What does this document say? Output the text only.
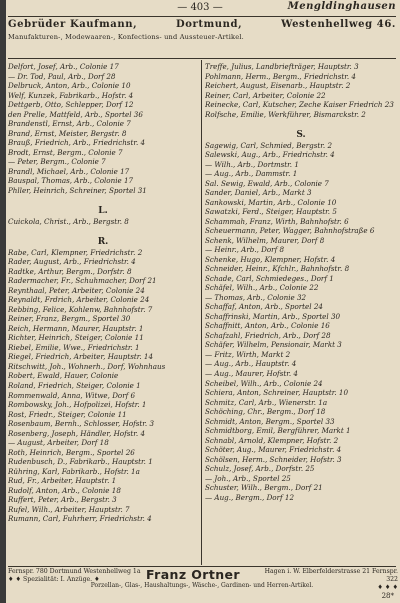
— 403 —	Mengldinghausen
Gebrüder Kaufmann,	Dortmund,	Westenhellweg 46.
Manufakturen-, Modewaaren-, Konfections- und Aussteuer-Artikel.
Delfort, Josef, Arb., Colonie 17
— Dr. Tod, Paul, Arb., Dorf 28
Delbruck, Anton, Arb., Colonie 10
Welf, Kunzek, Fabrikarb., Hofstr. 4
Dettgerb, Otto, Schlepper, Dorf 12
den Prelle, Mattfeld, Arb., Sportel 36
Brandenstl, Ernst, Arb., Colonie 7
Brand, Ernst, Meister, Bergstr. 8
Brauß, Friedrich, Arb., Friedrichstr. 4
Brodt, Ernst, Bergm., Colonie 7
— Peter, Bergm., Colonie 7
Brandl, Michael, Arb., Colonie 17
Bauspal, Thomas, Arb., Colonie 17
Phller, Heinrich, Schreiner, Sportel 31
L.
Cuickola, Christ., Arb., Bergstr. 8
R.
Rabe, Carl, Klempner, Friedrichstr. 2
Rader, August, Arb., Friedrichstr. 4
Radtke, Arthur, Bergm., Dorfstr. 8
Radermacher, Fr., Schuhmacher, Dorf 21
Reynthaal, Peter, Arbeiter, Colonie 24
Reynaldt, Frdrich, Arbeiter, Colonie 24
Rebbing, Felice, Kohlenw, Bahnhofstr. 7
Reiner, Franz, Bergm., Sportel 30
Reich, Hermann, Maurer, Hauptstr. 1
Richter, Heinrich, Steiger, Colonie 11
Riebel, Emilie, Wwe., Friedrichstr. 1
Riegel, Friedrich, Arbeiter, Hauptstr. 14
Ritschwitt, Joh., Wohnerh., Dorf, Wohnhaus
Robert, Ewald, Hauer, Colonie
Roland, Friedrich, Steiger, Colonie 1
Rommenwald, Anna, Witwe, Dorf 6
Rombowsky, Joh., Hofpolizei, Hofstr. 1
Rost, Friedr., Steiger, Colonie 11
Rosenbaum, Bernh., Schlosser, Hofstr. 3
Rosenberg, Joseph, Händler, Hofstr. 4
— August, Arbeiter, Dorf 18
Roth, Heinrich, Bergm., Sportel 26
Rudenbusch, D., Fabrikarb., Hauptstr. 1
Rühring, Karl, Fabrikarb., Hofstr. 1a
Rud, Fr., Arbeiter, Hauptstr. 1
Rudolf, Anton, Arb., Colonie 18
Ruffert, Peter, Arb., Bergstr. 3
Rufel, Wilh., Arbeiter, Hauptstr. 7
Rumann, Carl, Fuhrherr, Friedrichstr. 4
Treffe, Julius, Landbriefträger, Hauptstr. 3
Pohlmann, Herm., Bergm., Friedrichstr. 4
Reichert, August, Eisenarb., Hauptstr. 2
Reiner, Carl, Arbeiter, Colonie 22
Reinecke, Carl, Kutscher, Zeche Kaiser Friedrich 23
Rolfsche, Emilie, Werkführer, Bismarckstr. 2
S.
Sagewig, Carl, Schmied, Bergstr. 2
Salewski, Aug., Arb., Friedrichstr. 4
— Wilh., Arb., Dortmstr. 1
— Aug., Arb., Dammstr. 1
Sal. Sewig, Ewald, Arb., Colonie 7
Sander, Daniel, Arb., Markt 3
Sankowski, Martin, Arb., Colonie 10
Sawatzki, Ferd., Steiger, Hauptstr. 5
Schammah, Franz, Wirth, Bahnhofstr. 6
Scheuermann, Peter, Wagger, Bahnhofstraße 6
Schenk, Wilhelm, Maurer, Dorf 8
— Heinr., Arb., Dorf 8
Schenke, Hugo, Klempner, Hofstr. 4
Schneider, Heinr., Kfchlr., Bahnhofstr. 8
Schade, Carl, Schmiedeges., Dorf 1
Schäfel, Wilh., Arb., Colonie 22
— Thomas, Arb., Colonie 32
Schaffaf, Anton, Arb., Sportel 24
Schaffrinski, Martin, Arb., Sportel 30
Schaffnitt, Anton, Arb., Colonie 16
Schafzahl, Friedrich, Arb., Dorf 28
Schäfer, Wilhelm, Pensionair, Markt 3
— Fritz, Wirth, Markt 2
— Aug., Arb., Hauptstr. 4
— Aug., Maurer, Hofstr. 4
Scheibel, Wilh., Arb., Colonie 24
Schiera, Anton, Schreiner, Hauptstr. 10
Schmitz, Carl, Arb., Wienerstr. 1a
Schöching, Chr., Bergm., Dorf 18
Schmidt, Anton, Bergm., Sportel 33
Schmidtborg, Emil, Bergführer, Markt 1
Schnabl, Arnold, Klempner, Hofstr. 2
Schöter, Aug., Maurer, Friedrichstr. 4
Schölsen, Herm., Schneider, Hofstr. 3
Schulz, Josef, Arb., Dorfstr. 25
— Joh., Arb., Sportel 25
Schuster, Wilh., Bergm., Dorf 21
— Aug., Bergm., Dorf 12
Fernspr. 780 Dortmund Westenhellweg 1a
♦ ♦ Spezialität: I. Anzüge. ♦	Franz Ortner	Hagen i. W. Elberfelderstrasse 21 Fernspr. 322
♦ ♦ ♦
Porzellan-, Glas-, Haushaltungs-, Wäsche-, Gardinen- und Herren-Artikel.
28*
